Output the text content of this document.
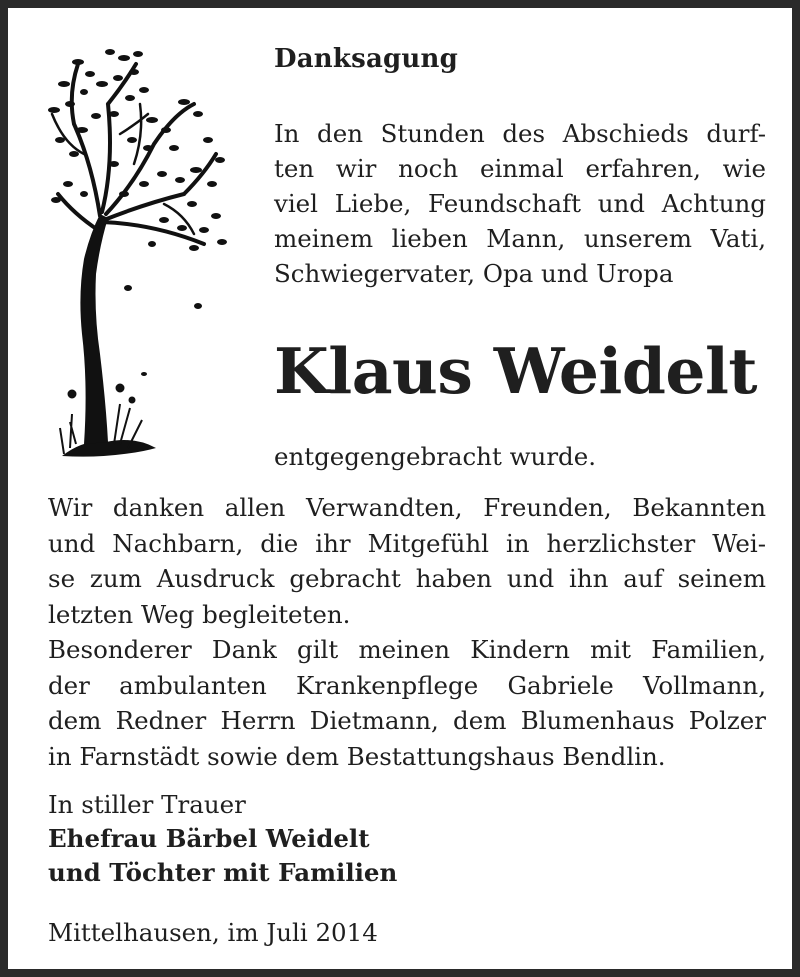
Danksagung
In den Stunden des Abschieds durf-
ten wir noch einmal erfahren, wie
viel Liebe, Feundschaft und Achtung
meinem lieben Mann, unserem Vati,
Schwiegervater, Opa und Uropa
Klaus Weidelt
entgegengebracht wurde.
Wir danken allen Verwandten, Freunden, Bekannten
und Nachbarn, die ihr Mitgefühl in herzlichster Wei-
se zum Ausdruck gebracht haben und ihn auf seinem
letzten Weg begleiteten.
Besonderer Dank gilt meinen Kindern mit Familien,
der ambulanten Krankenpflege Gabriele Vollmann,
dem Redner Herrn Dietmann, dem Blumenhaus Polzer
in Farnstädt sowie dem Bestattungshaus Bendlin.
In stiller Trauer
Ehefrau Bärbel Weidelt
und Töchter mit Familien
Mittelhausen, im Juli 2014
